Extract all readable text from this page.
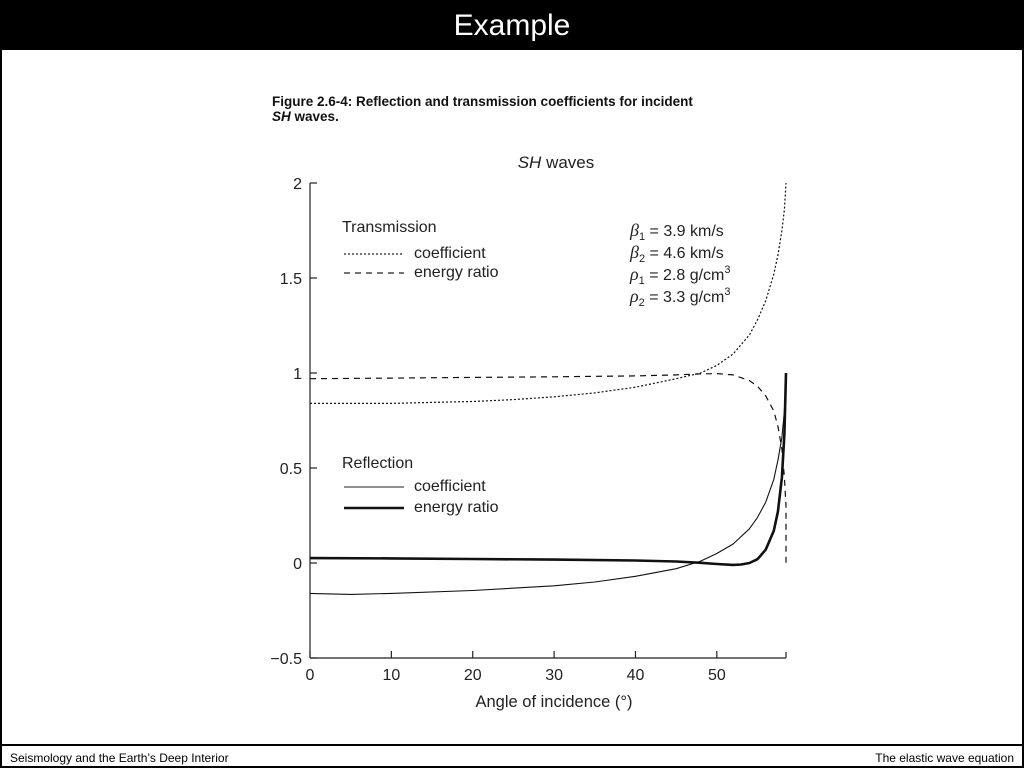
Example
Figure 2.6-4: Reflection and transmission coefficients for incident
SH waves.
SH waves
−0.5
0
0.5
1
1.5
2
0	10	20	30	40	50
Transmission
coefficient
energy ratio
Reflection
coefficient
energy ratio
$\beta_1 = 3.9$ km/s
$\beta_2 = 4.6$ km/s
$\rho_1 = 2.8$ $g/cm^3$
$\rho_2 = 3.3$ $g/cm^3$
Angle of incidence (°)
Seismology and the Earth’s Deep Interior	The elastic wave equation
